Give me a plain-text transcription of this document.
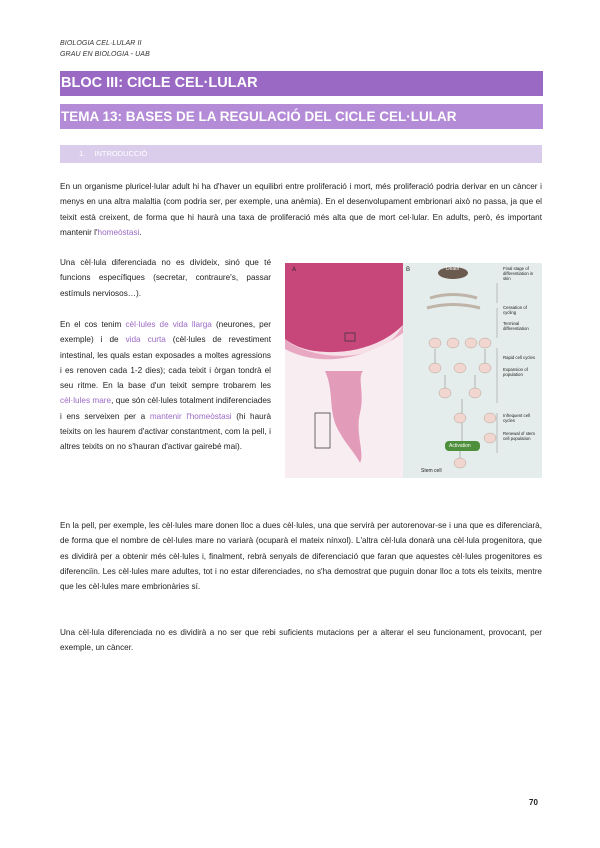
BIOLOGIA CEL·LULAR II
GRAU EN BIOLOGIA - UAB
BLOC III: CICLE CEL·LULAR
TEMA 13: BASES DE LA REGULACIÓ DEL CICLE CEL·LULAR
1. INTRODUCCIÓ
En un organisme pluricel·lular adult hi ha d'haver un equilibri entre proliferació i mort, més proliferació podria derivar en un càncer i menys en una altra malaltia (com podria ser, per exemple, una anèmia). En el desenvolupament embrionari això no passa, ja que el teixit està creixent, de forma que hi haurà una taxa de proliferació més alta que de mort cel·lular. En adults, però, és important mantenir l'homeòstasi.
Una cèl·lula diferenciada no es divideix, sinó que té funcions específiques (secretar, contraure's, passar estímuls nerviosos…).
En el cos tenim cèl·lules de vida llarga (neurones, per exemple) i de vida curta (cèl·lules de revestiment intestinal, les quals estan exposades a moltes agressions i es renoven cada 1-2 dies); cada teixit i òrgan tondrà el seu ritme. En la base d'un teixit sempre trobarem les cèl·lules mare, que són cèl·lules totalment indiferenciades i ens serveixen per a mantenir l'homeòstasi (hi haurà teixits on les haurem d'activar constantment, com la pell, i altres teixits on no s'hauran d'activar gairebé mai).
A	B	Death
Activation
Stem cell
Final stage of differentiation in skin
Cessation of cycling
Terminal differentiation
Rapid cell cycles
Expansion of population
Infrequent cell cycles
Renewal of stem cell population
En la pell, per exemple, les cèl·lules mare donen lloc a dues cèl·lules, una que servirà per autorenovar-se i una que es diferenciarà, de forma que el nombre de cèl·lules mare no variarà (ocuparà el mateix nínxol). L'altra cèl·lula donarà una cèl·lula progenitora, que es dividirà per a obtenir més cèl·lules i, finalment, rebrà senyals de diferenciació que faran que aquestes cèl·lules progenitores es diferenciïn. Les cèl·lules mare adultes, tot i no estar diferenciades, no s'ha demostrat que puguin donar lloc a tots els teixits, mentre que les cèl·lules mare embrionàries sí.
Una cèl·lula diferenciada no es dividirà a no ser que rebi suficients mutacions per a alterar el seu funcionament, provocant, per exemple, un càncer.
70
